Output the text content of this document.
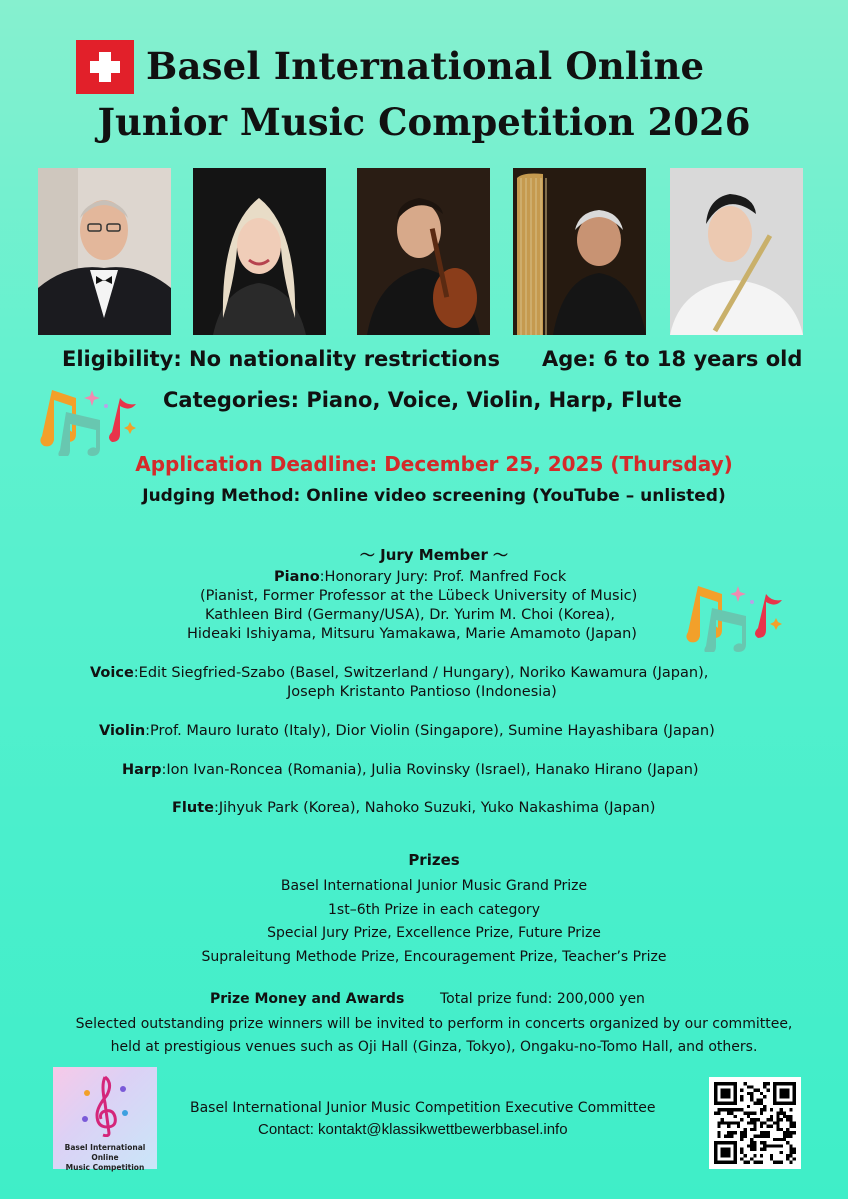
Basel International Online
Junior Music Competition 2026
Eligibility: No nationality restrictions Age: 6 to 18 years old
Categories: Piano, Voice, Violin, Harp, Flute
Application Deadline: December 25, 2025 (Thursday)
Judging Method: Online video screening (YouTube – unlisted)
〜 Jury Member 〜
Piano:Honorary Jury: Prof. Manfred Fock
(Pianist, Former Professor at the Lübeck University of Music)
Kathleen Bird (Germany/USA), Dr. Yurim M. Choi (Korea),
Hideaki Ishiyama, Mitsuru Yamakawa, Marie Amamoto (Japan)
Voice:Edit Siegfried-Szabo (Basel, Switzerland / Hungary), Noriko Kawamura (Japan),
Joseph Kristanto Pantioso (Indonesia)
Violin:Prof. Mauro Iurato (Italy), Dior Violin (Singapore), Sumine Hayashibara (Japan)
Harp:Ion Ivan-Roncea (Romania), Julia Rovinsky (Israel), Hanako Hirano (Japan)
Flute:Jihyuk Park (Korea), Nahoko Suzuki, Yuko Nakashima (Japan)
Prizes
Basel International Junior Music Grand Prize
1st–6th Prize in each category
Special Jury Prize, Excellence Prize, Future Prize
Supraleitung Methode Prize, Encouragement Prize, Teacher’s Prize
Prize Money and Awards	Total prize fund: 200,000 yen
Selected outstanding prize winners will be invited to perform in concerts organized by our committee,
held at prestigious venues such as Oji Hall (Ginza, Tokyo), Ongaku-no-Tomo Hall, and others.
Basel International Online
Music Competition
Basel International Junior Music Competition Executive Committee
Contact: kontakt@klassikwettbewerbbasel.info
